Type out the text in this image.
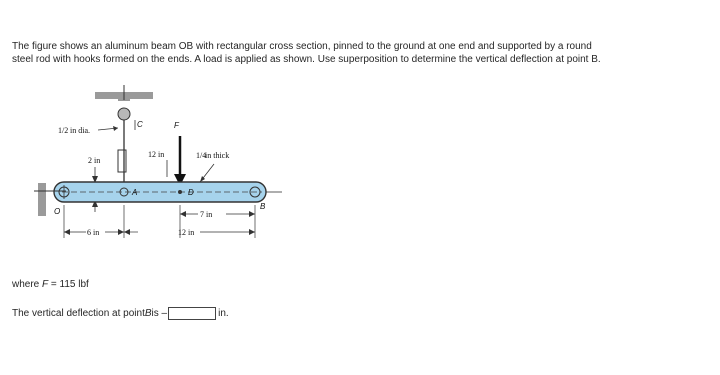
The figure shows an aluminum beam OB with rectangular cross section, pinned to the ground at one end and supported by a round
steel rod with hooks formed on the ends. A load is applied as shown. Use superposition to determine the vertical deflection at point B.
1/2 in dia.
C
2 in
F
12 in	1/4
in thick
O
A	D
B
7 in
6 in	12 in
where F = 115 lbf
The vertical deflection at point B is –	in.
